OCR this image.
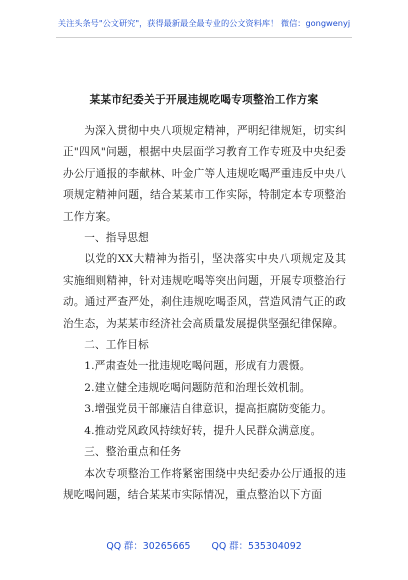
关注头条号"公文研究"，获得最新最全最专业的公文资料库！ 微信：gongwenyj
某某市纪委关于开展违规吃喝专项整治工作方案

为深入贯彻中央八项规定精神，严明纪律规矩，切实纠正"四风"问题，根据中央层面学习教育工作专班及中央纪委办公厅通报的李献林、叶金广等人违规吃喝严重违反中央八项规定精神问题，结合某某市工作实际，特制定本专项整治工作方案。

一、指导思想

以党的XX大精神为指引，坚决落实中央八项规定及其实施细则精神，针对违规吃喝等突出问题，开展专项整治行动。通过严查严处，刹住违规吃喝歪风，营造风清气正的政治生态，为某某市经济社会高质量发展提供坚强纪律保障。

二、工作目标

1.严肃查处一批违规吃喝问题，形成有力震慑。

2.建立健全违规吃喝问题防范和治理长效机制。

3.增强党员干部廉洁自律意识，提高拒腐防变能力。

4.推动党风政风持续好转，提升人民群众满意度。

三、整治重点和任务

本次专项整治工作将紧密围绕中央纪委办公厅通报的违规吃喝问题，结合某某市实际情况，重点整治以下方面

QQ 群：30265665 QQ 群：535304092
